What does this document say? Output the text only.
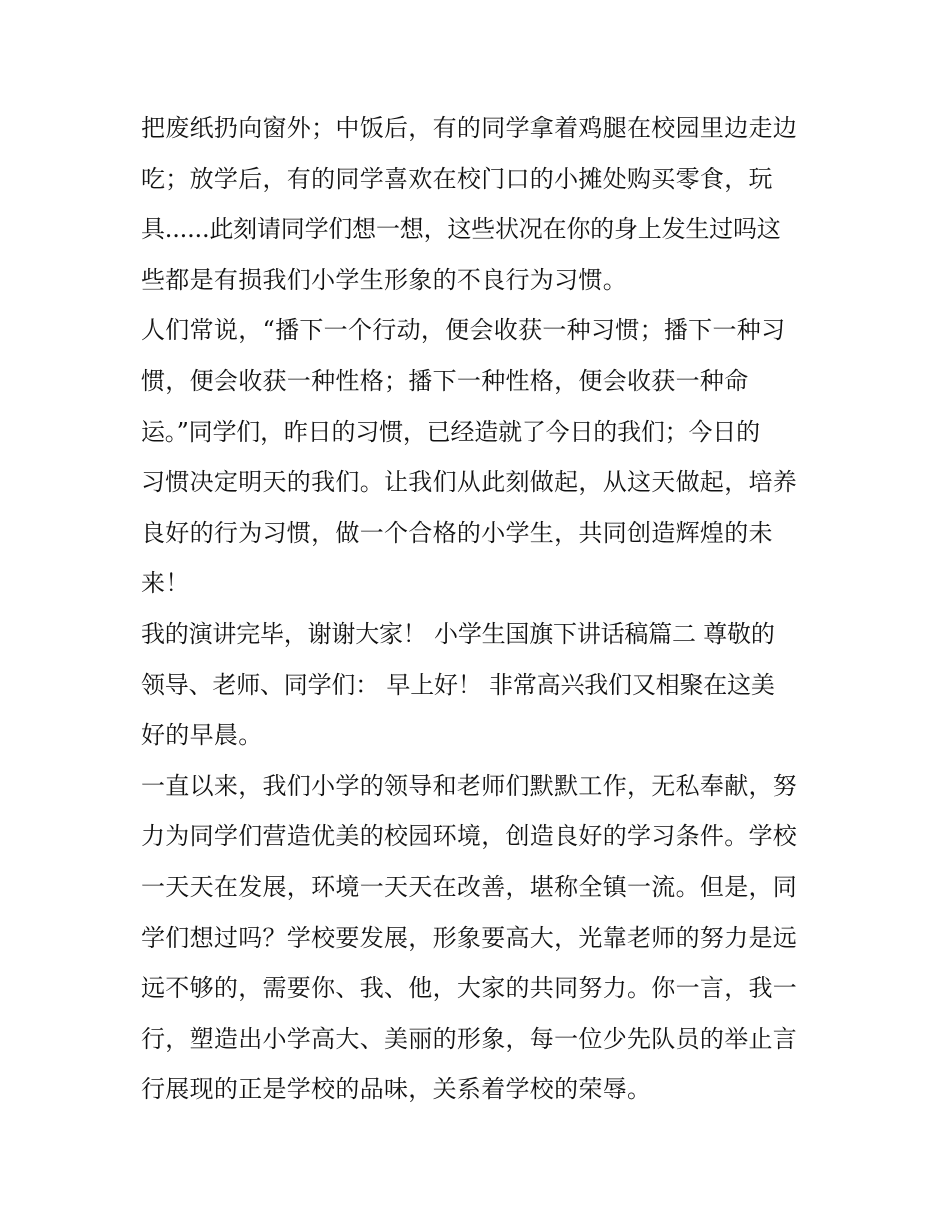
把废纸扔向窗外；中饭后，有的同学拿着鸡腿在校园里边走边
吃；放学后，有的同学喜欢在校门口的小摊处购买零食，玩
具......此刻请同学们想一想，这些状况在你的身上发生过吗这
些都是有损我们小学生形象的不良行为习惯。
人们常说，“播下一个行动，便会收获一种习惯；播下一种习
惯，便会收获一种性格；播下一种性格，便会收获一种命
运。”同学们，昨日的习惯，已经造就了今日的我们；今日的
习惯决定明天的我们。让我们从此刻做起，从这天做起，培养
良好的行为习惯，做一个合格的小学生，共同创造辉煌的未
来！
我的演讲完毕，谢谢大家！ 小学生国旗下讲话稿篇二 尊敬的
领导、老师、同学们： 早上好！ 非常高兴我们又相聚在这美
好的早晨。
一直以来，我们小学的领导和老师们默默工作，无私奉献，努
力为同学们营造优美的校园环境，创造良好的学习条件。学校
一天天在发展，环境一天天在改善，堪称全镇一流。但是，同
学们想过吗？学校要发展，形象要高大，光靠老师的努力是远
远不够的，需要你、我、他，大家的共同努力。你一言，我一
行，塑造出小学高大、美丽的形象，每一位少先队员的举止言
行展现的正是学校的品味，关系着学校的荣辱。
